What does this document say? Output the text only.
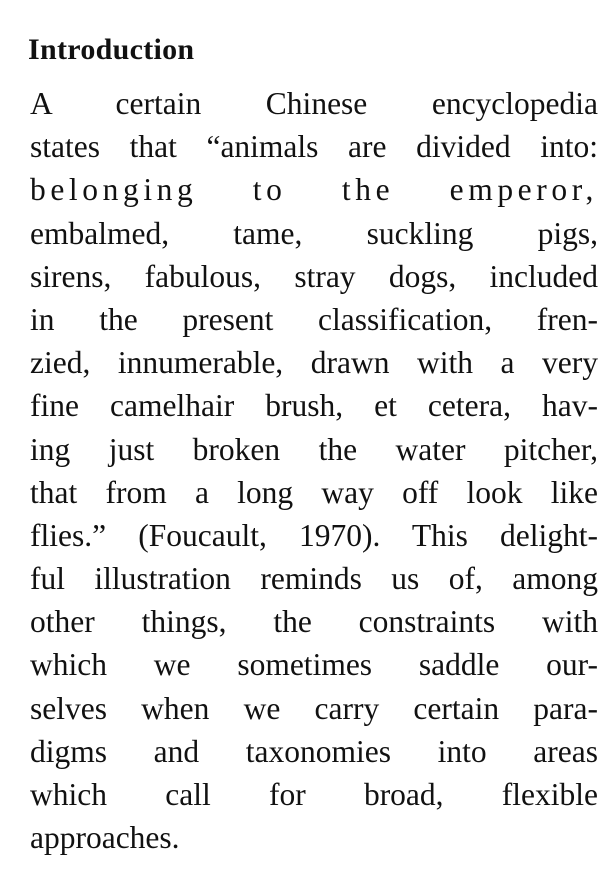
Introduction
A certain Chinese encyclopedia
states that “animals are divided into:
belonging to the emperor,
embalmed, tame, suckling pigs,
sirens, fabulous, stray dogs, included
in the present classification, fren-
zied, innumerable, drawn with a very
fine camelhair brush, et cetera, hav-
ing just broken the water pitcher,
that from a long way off look like
flies.” (Foucault, 1970). This delight-
ful illustration reminds us of, among
other things, the constraints with
which we sometimes saddle our-
selves when we carry certain para-
digms and taxonomies into areas
which call for broad, flexible
approaches.
